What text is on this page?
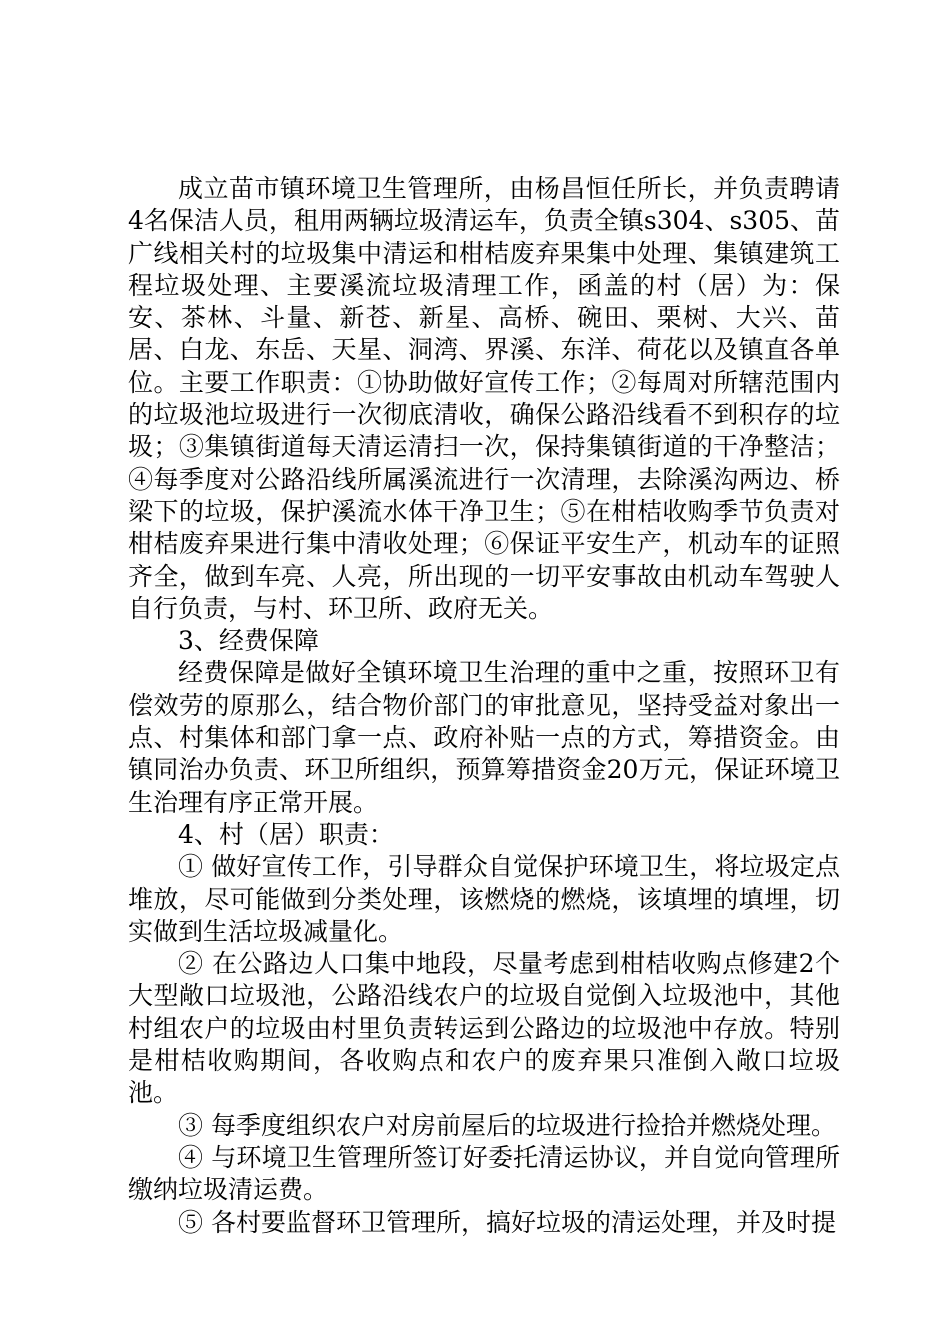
成立苗市镇环境卫生管理所，由杨昌恒任所长，并负责聘请4名保洁人员，租用两辆垃圾清运车，负责全镇s304、s305、苗广线相关村的垃圾集中清运和柑桔废弃果集中处理、集镇建筑工程垃圾处理、主要溪流垃圾清理工作，函盖的村（居）为：保安、茶林、斗量、新苍、新星、高桥、碗田、栗树、大兴、苗居、白龙、东岳、天星、洞湾、界溪、东洋、荷花以及镇直各单位。主要工作职责：①协助做好宣传工作；②每周对所辖范围内的垃圾池垃圾进行一次彻底清收，确保公路沿线看不到积存的垃圾；③集镇街道每天清运清扫一次，保持集镇街道的干净整洁；④每季度对公路沿线所属溪流进行一次清理，去除溪沟两边、桥梁下的垃圾，保护溪流水体干净卫生；⑤在柑桔收购季节负责对柑桔废弃果进行集中清收处理；⑥保证平安生产，机动车的证照齐全，做到车亮、人亮，所出现的一切平安事故由机动车驾驶人自行负责，与村、环卫所、政府无关。

3、经费保障

经费保障是做好全镇环境卫生治理的重中之重，按照环卫有偿效劳的原那么，结合物价部门的审批意见，坚持受益对象出一点、村集体和部门拿一点、政府补贴一点的方式，筹措资金。由镇同治办负责、环卫所组织，预算筹措资金20万元，保证环境卫生治理有序正常开展。

4、村（居）职责：

① 做好宣传工作，引导群众自觉保护环境卫生，将垃圾定点堆放，尽可能做到分类处理，该燃烧的燃烧，该填埋的填埋，切实做到生活垃圾减量化。

② 在公路边人口集中地段，尽量考虑到柑桔收购点修建2个大型敞口垃圾池，公路沿线农户的垃圾自觉倒入垃圾池中，其他村组农户的垃圾由村里负责转运到公路边的垃圾池中存放。特别是柑桔收购期间，各收购点和农户的废弃果只准倒入敞口垃圾池。

③ 每季度组织农户对房前屋后的垃圾进行捡拾并燃烧处理。

④ 与环境卫生管理所签订好委托清运协议，并自觉向管理所缴纳垃圾清运费。

⑤ 各村要监督环卫管理所，搞好垃圾的清运处理，并及时提
